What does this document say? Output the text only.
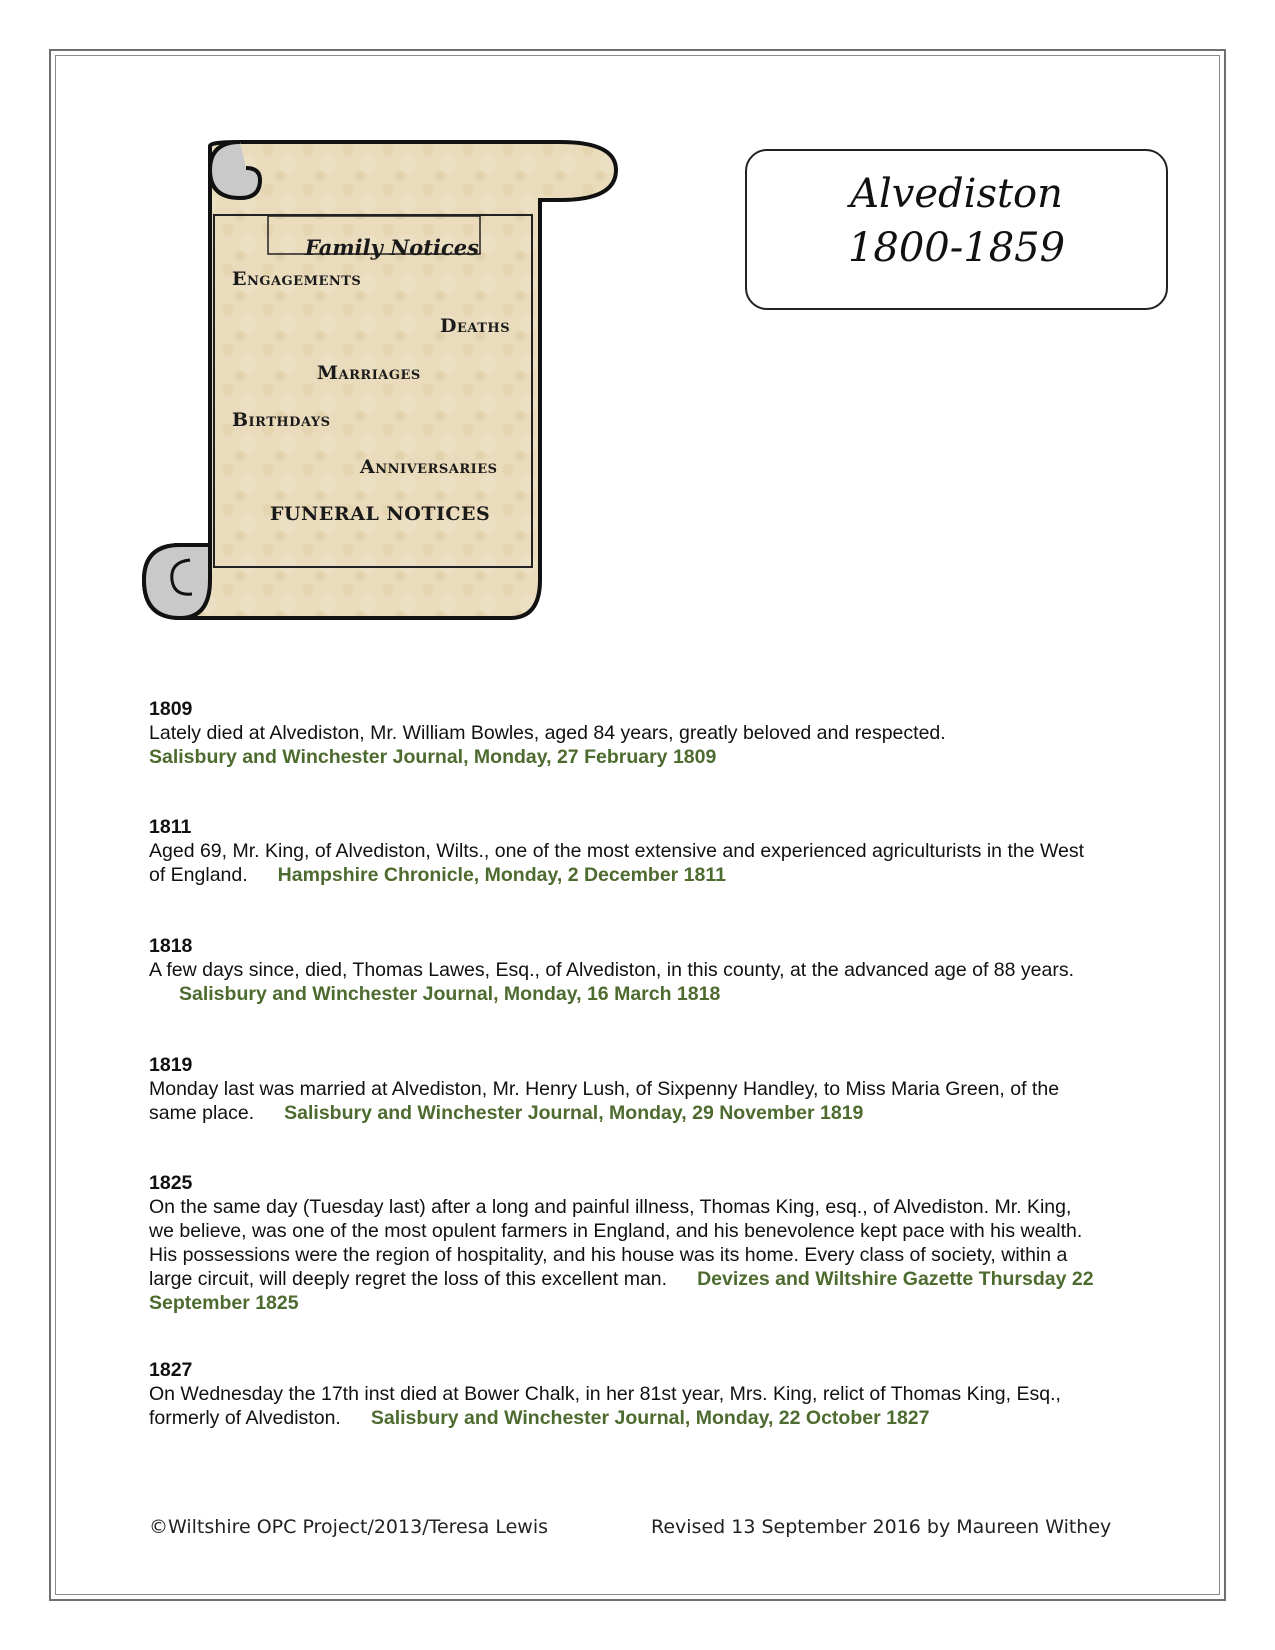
Family Notices
Engagements
Deaths
Marriages
Birthdays
Anniversaries
FUNERAL NOTICES
Alvediston
1800-1859
1809
Lately died at Alvediston, Mr. William Bowles, aged 84 years, greatly beloved and respected.
Salisbury and Winchester Journal, Monday, 27 February 1809
1811
Aged 69, Mr. King, of Alvediston, Wilts., one of the most extensive and experienced agriculturists in the West of England. Hampshire Chronicle, Monday, 2 December 1811
1818
A few days since, died, Thomas Lawes, Esq., of Alvediston, in this county, at the advanced age of 88 years.Salisbury and Winchester Journal, Monday, 16 March 1818
1819
Monday last was married at Alvediston, Mr. Henry Lush, of Sixpenny Handley, to Miss Maria Green, of the same place. Salisbury and Winchester Journal, Monday, 29 November 1819
1825
On the same day (Tuesday last) after a long and painful illness, Thomas King, esq., of Alvediston. Mr. King, we believe, was one of the most opulent farmers in England, and his benevolence kept pace with his wealth. His possessions were the region of hospitality, and his house was its home. Every class of society, within a large circuit, will deeply regret the loss of this excellent man. Devizes and Wiltshire Gazette Thursday 22 September 1825
1827
On Wednesday the 17th inst died at Bower Chalk, in her 81st year, Mrs. King, relict of Thomas King, Esq., formerly of Alvediston. Salisbury and Winchester Journal, Monday, 22 October 1827
©Wiltshire OPC Project/2013/Teresa Lewis	Revised 13 September 2016 by Maureen Withey
